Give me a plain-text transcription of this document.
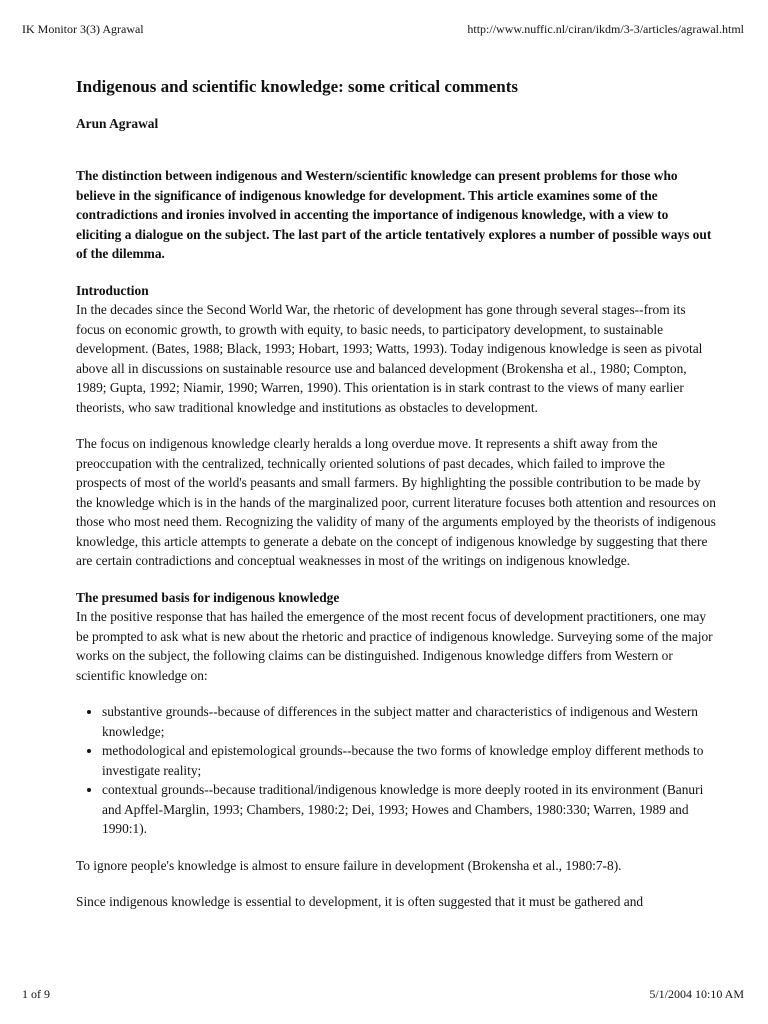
IK Monitor 3(3) Agrawal	http://www.nuffic.nl/ciran/ikdm/3-3/articles/agrawal.html
Indigenous and scientific knowledge: some critical comments
Arun Agrawal
The distinction between indigenous and Western/scientific knowledge can present problems for those who believe in the significance of indigenous knowledge for development. This article examines some of the contradictions and ironies involved in accenting the importance of indigenous knowledge, with a view to eliciting a dialogue on the subject. The last part of the article tentatively explores a number of possible ways out of the dilemma.
Introduction

In the decades since the Second World War, the rhetoric of development has gone through several stages--from its focus on economic growth, to growth with equity, to basic needs, to participatory development, to sustainable development. (Bates, 1988; Black, 1993; Hobart, 1993; Watts, 1993). Today indigenous knowledge is seen as pivotal above all in discussions on sustainable resource use and balanced development (Brokensha et al., 1980; Compton, 1989; Gupta, 1992; Niamir, 1990; Warren, 1990). This orientation is in stark contrast to the views of many earlier theorists, who saw traditional knowledge and institutions as obstacles to development.

The focus on indigenous knowledge clearly heralds a long overdue move. It represents a shift away from the preoccupation with the centralized, technically oriented solutions of past decades, which failed to improve the prospects of most of the world's peasants and small farmers. By highlighting the possible contribution to be made by the knowledge which is in the hands of the marginalized poor, current literature focuses both attention and resources on those who most need them. Recognizing the validity of many of the arguments employed by the theorists of indigenous knowledge, this article attempts to generate a debate on the concept of indigenous knowledge by suggesting that there are certain contradictions and conceptual weaknesses in most of the writings on indigenous knowledge.

The presumed basis for indigenous knowledge

In the positive response that has hailed the emergence of the most recent focus of development practitioners, one may be prompted to ask what is new about the rhetoric and practice of indigenous knowledge. Surveying some of the major works on the subject, the following claims can be distinguished. Indigenous knowledge differs from Western or scientific knowledge on:

• substantive grounds--because of differences in the subject matter and characteristics of indigenous and Western knowledge;
• methodological and epistemological grounds--because the two forms of knowledge employ different methods to investigate reality;
• contextual grounds--because traditional/indigenous knowledge is more deeply rooted in its environment (Banuri and Apffel-Marglin, 1993; Chambers, 1980:2; Dei, 1993; Howes and Chambers, 1980:330; Warren, 1989 and 1990:1).

To ignore people's knowledge is almost to ensure failure in development (Brokensha et al., 1980:7-8).

Since indigenous knowledge is essential to development, it is often suggested that it must be gathered and

1 of 9	5/1/2004 10:10 AM
